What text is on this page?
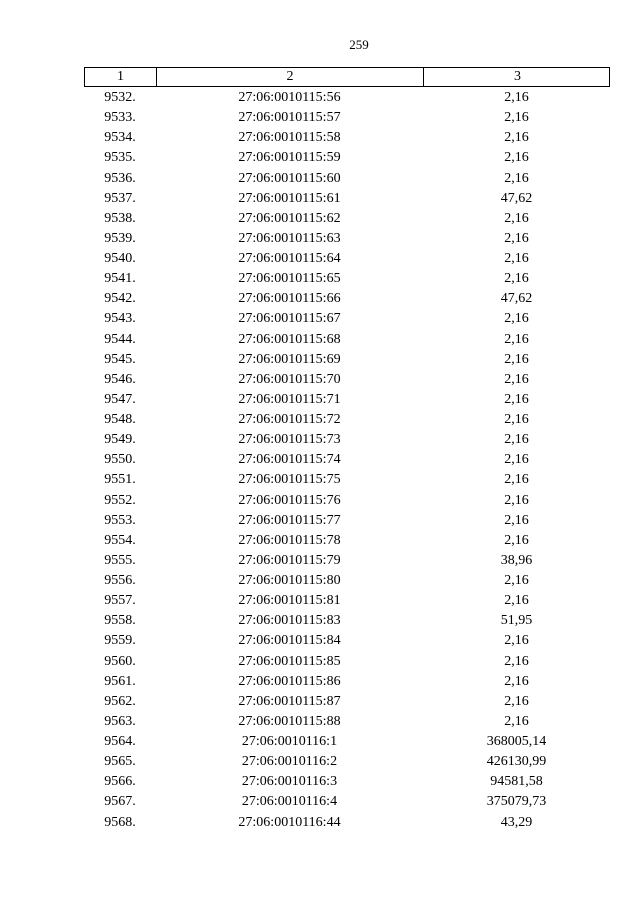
259
1	2	3
9532.	27:06:0010115:56	2,16
9533.	27:06:0010115:57	2,16
9534.	27:06:0010115:58	2,16
9535.	27:06:0010115:59	2,16
9536.	27:06:0010115:60	2,16
9537.	27:06:0010115:61	47,62
9538.	27:06:0010115:62	2,16
9539.	27:06:0010115:63	2,16
9540.	27:06:0010115:64	2,16
9541.	27:06:0010115:65	2,16
9542.	27:06:0010115:66	47,62
9543.	27:06:0010115:67	2,16
9544.	27:06:0010115:68	2,16
9545.	27:06:0010115:69	2,16
9546.	27:06:0010115:70	2,16
9547.	27:06:0010115:71	2,16
9548.	27:06:0010115:72	2,16
9549.	27:06:0010115:73	2,16
9550.	27:06:0010115:74	2,16
9551.	27:06:0010115:75	2,16
9552.	27:06:0010115:76	2,16
9553.	27:06:0010115:77	2,16
9554.	27:06:0010115:78	2,16
9555.	27:06:0010115:79	38,96
9556.	27:06:0010115:80	2,16
9557.	27:06:0010115:81	2,16
9558.	27:06:0010115:83	51,95
9559.	27:06:0010115:84	2,16
9560.	27:06:0010115:85	2,16
9561.	27:06:0010115:86	2,16
9562.	27:06:0010115:87	2,16
9563.	27:06:0010115:88	2,16
9564.	27:06:0010116:1	368005,14
9565.	27:06:0010116:2	426130,99
9566.	27:06:0010116:3	94581,58
9567.	27:06:0010116:4	375079,73
9568.	27:06:0010116:44	43,29
